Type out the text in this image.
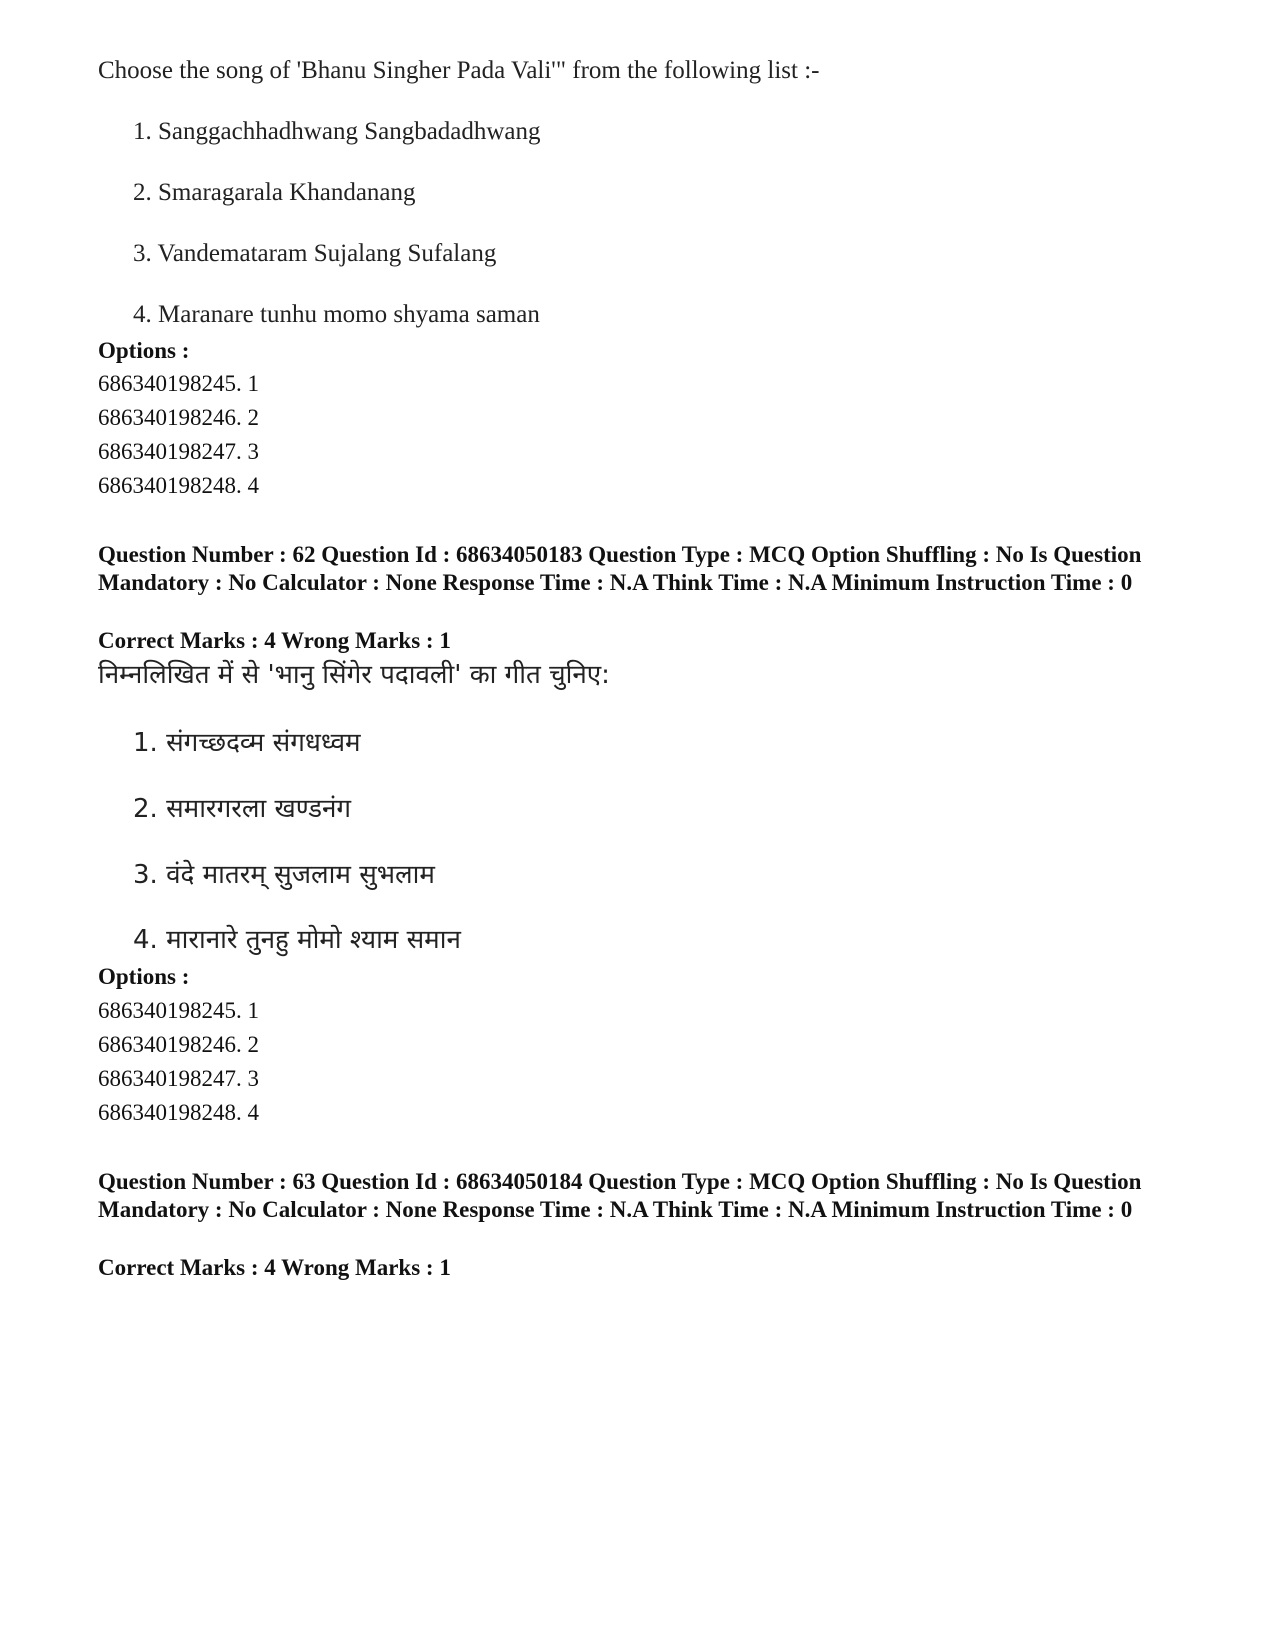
Choose the song of 'Bhanu Singher Pada Vali'" from the following list :-
1. Sanggachhadhwang Sangbadadhwang
2. Smaragarala Khandanang
3. Vandemataram Sujalang Sufalang
4. Maranare tunhu momo shyama saman
Options :
686340198245. 1
686340198246. 2
686340198247. 3
686340198248. 4
Question Number : 62 Question Id : 68634050183 Question Type : MCQ Option Shuffling : No Is Question Mandatory : No Calculator : None Response Time : N.A Think Time : N.A Minimum Instruction Time : 0
Correct Marks : 4 Wrong Marks : 1
निम्नलिखित में से 'भानु सिंगेर पदावली' का गीत चुनिए:
1. संगच्छदव्म संगधध्वम
2. समारगरला खण्डनंग
3. वंदे मातरम् सुजलाम सुभलाम
4. मारानारे तुनहु मोमो श्याम समान
Options :
686340198245. 1
686340198246. 2
686340198247. 3
686340198248. 4
Question Number : 63 Question Id : 68634050184 Question Type : MCQ Option Shuffling : No Is Question Mandatory : No Calculator : None Response Time : N.A Think Time : N.A Minimum Instruction Time : 0
Correct Marks : 4 Wrong Marks : 1
